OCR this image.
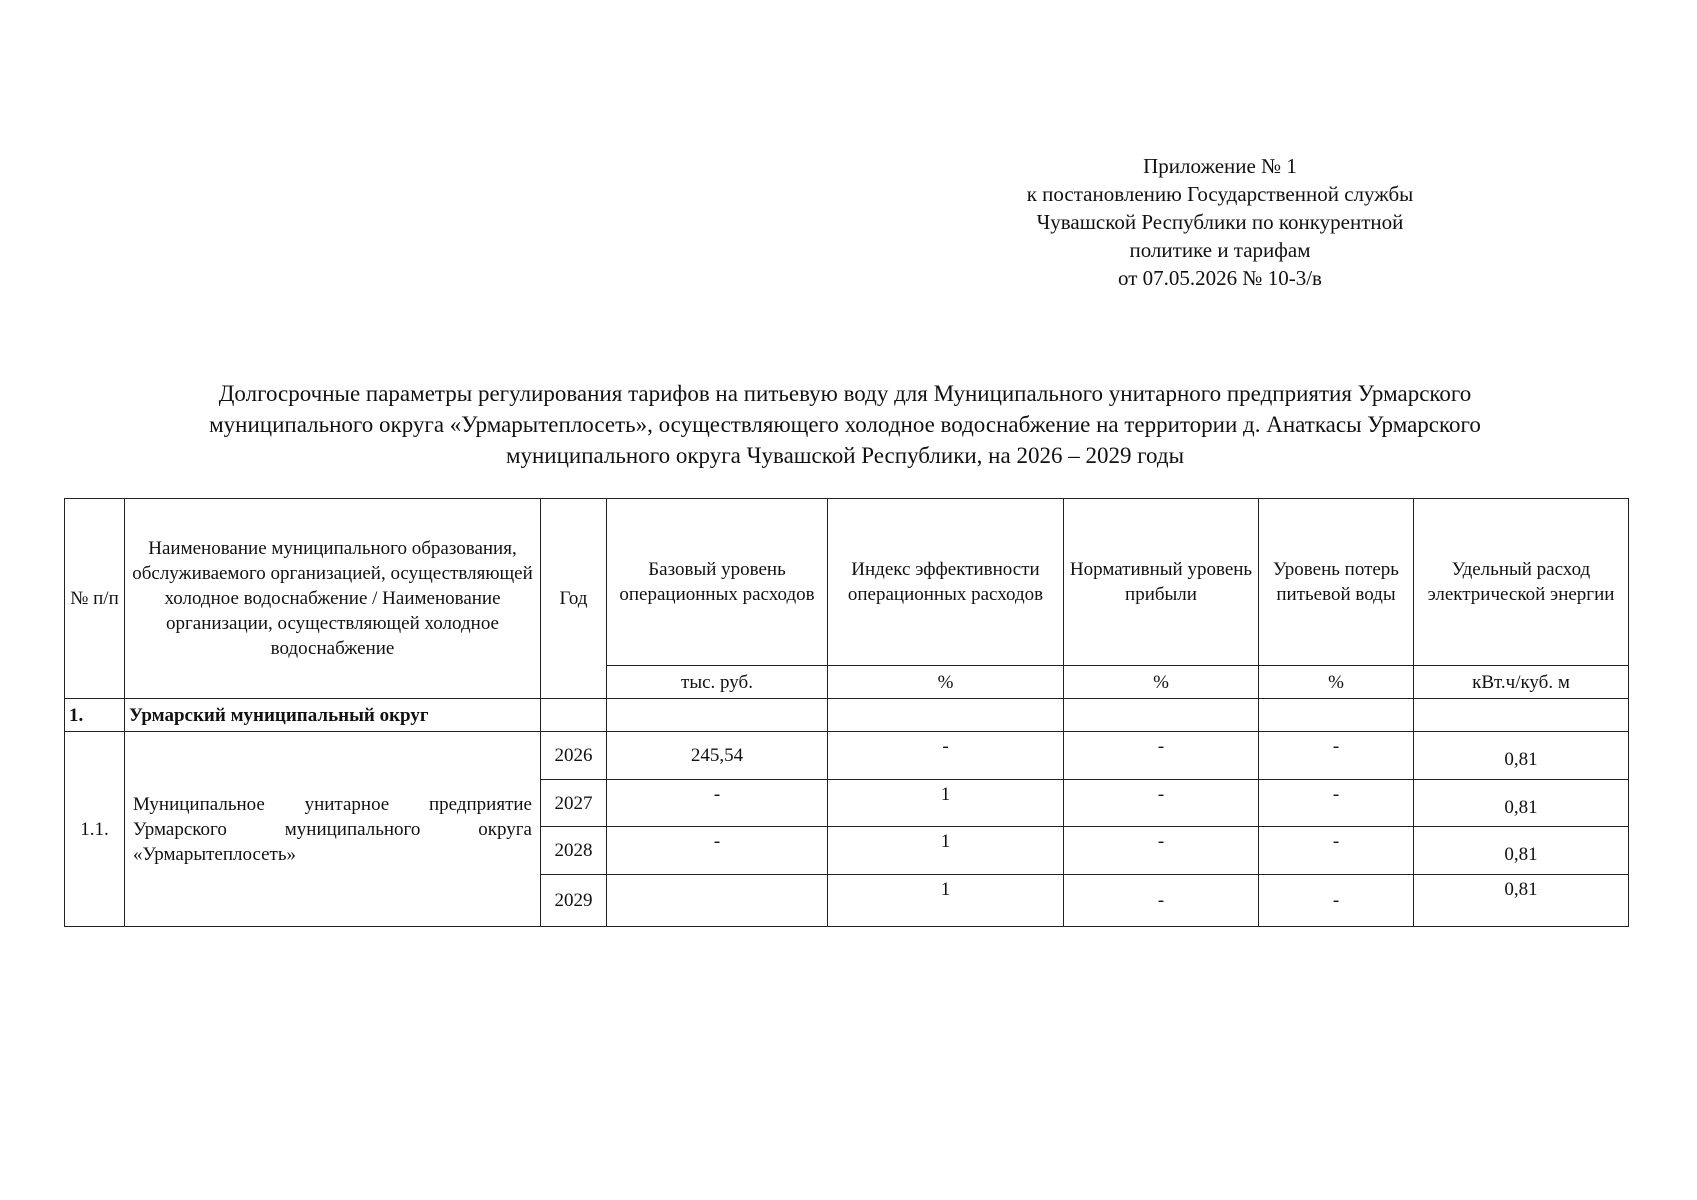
Приложение № 1
к постановлению Государственной службы
Чувашской Республики по конкурентной
политике и тарифам
от 07.05.2026 № 10-3/в
Долгосрочные параметры регулирования тарифов на питьевую воду для Муниципального унитарного предприятия Урмарского
муниципального округа «Урмарытеплосеть», осуществляющего холодное водоснабжение на территории д. Анаткасы Урмарского
муниципального округа Чувашской Республики, на 2026 – 2029 годы
№ п/п	Наименование муниципального образования, обслуживаемого организацией, осуществляющей холодное водоснабжение / Наименование организации, осуществляющей холодное водоснабжение	Год	Базовый уровень операционных расходов	Индекс эффективности операционных расходов	Нормативный уровень прибыли	Уровень потерь питьевой воды	Удельный расход электрической энергии
			тыс. руб.	%	%	%	кВт.ч/куб. м
1.	Урмарский муниципальный округ						
1.1.	Муниципальное унитарное предприятие Урмарского муниципального округа «Урмарытеплосеть»	2026	245,54	-	-	-	0,81
		2027	-	1	-	-	0,81
		2028	-	1	-	-	0,81
		2029		1	-	-	0,81
